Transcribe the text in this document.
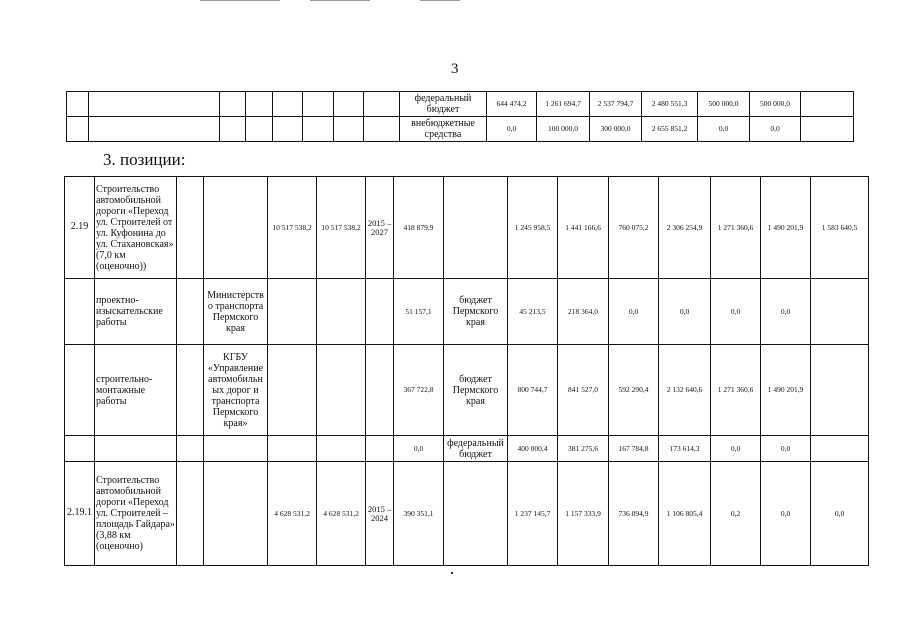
3
								федеральный бюджет	644 474,2	1 261 694,7	2 537 794,7	2 480 551,3	500 000,0	500 000,0	
								внебюджетные средства	0,0	100 000,0	300 000,0	2 655 851,2	0,0	0,0	
3. позиции:
2.19	Строительство автомобильной дороги «Переход ул. Строителей от ул. Куфонина до ул. Стахановская» (7,0 км (оценочно))			10 517 538,2	10 517 538,2	2015 – 2027	418 879,9		1 245 958,5	1 441 166,6	760 075,2	2 306 254,9	1 271 360,6	1 490 201,9	1 583 640,5
	проектно-изыскательские работы		Министерство транспорта Пермского края				51 157,1	бюджет Пермского края	45 213,5	218 364,0	0,0	0,0	0,0	0,0	
	строительно-монтажные работы		КГБУ «Управление автомобильных дорог и транспорта Пермского края»				367 722,8	бюджет Пермского края	800 744,7	841 527,0	592 290,4	2 132 640,6	1 271 360,6	1 490 201,9	
							0,0	федеральный бюджет	400 000,4	381 275,6	167 784,8	173 614,3	0,0	0,0	
2.19.1	Строительство автомобильной дороги «Переход ул. Строителей – площадь Гайдара» (3,88 км (оценочно)			4 628 531,2	4 628 531,2	2015 – 2024	390 351,1		1 237 145,7	1 157 333,9	736 894,9	1 106 805,4	0,2	0,0	0,0
